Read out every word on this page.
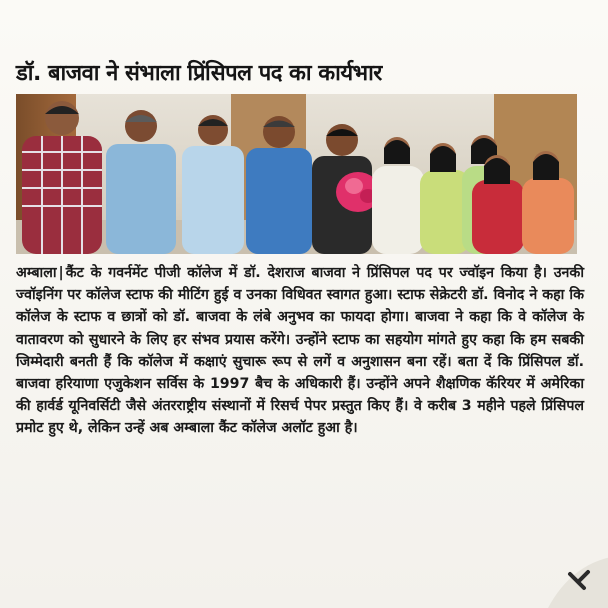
डॉ. बाजवा ने संभाला प्रिंसिपल पद का कार्यभार

अम्बाला | कैंट के गवर्नमेंट पीजी कॉलेज में डॉ. देशराज बाजवा ने प्रिंसिपल पद पर ज्वॉइन किया है। उनकी ज्वॉइनिंग पर कॉलेज स्टाफ की मीटिंग हुई व उनका विधिवत स्वागत हुआ। स्टाफ सेक्रेटरी डॉ. विनोद ने कहा कि कॉलेज के स्टाफ व छात्रों को डॉ. बाजवा के लंबे अनुभव का फायदा होगा। बाजवा ने कहा कि वे कॉलेज के वातावरण को सुधारने के लिए हर संभव प्रयास करेंगे। उन्होंने स्टाफ का सहयोग मांगते हुए कहा कि हम सबकी जिम्मेदारी बनती हैं कि कॉलेज में कक्षाएं सुचारू रूप से लगें व अनुशासन बना रहें। बता दें कि प्रिंसिपल डॉ. बाजवा हरियाणा एजुकेशन सर्विस के 1997 बैच के अधिकारी हैं। उन्होंने अपने शैक्षणिक कॅरियर में अमेरिका की हार्वर्ड यूनिवर्सिटी जैसे अंतरराष्ट्रीय संस्थानों में रिसर्च पेपर प्रस्तुत किए हैं। वे करीब 3 महीने पहले प्रिंसिपल प्रमोट हुए थे, लेकिन उन्हें अब अम्बाला कैंट कॉलेज अलॉट हुआ है।
